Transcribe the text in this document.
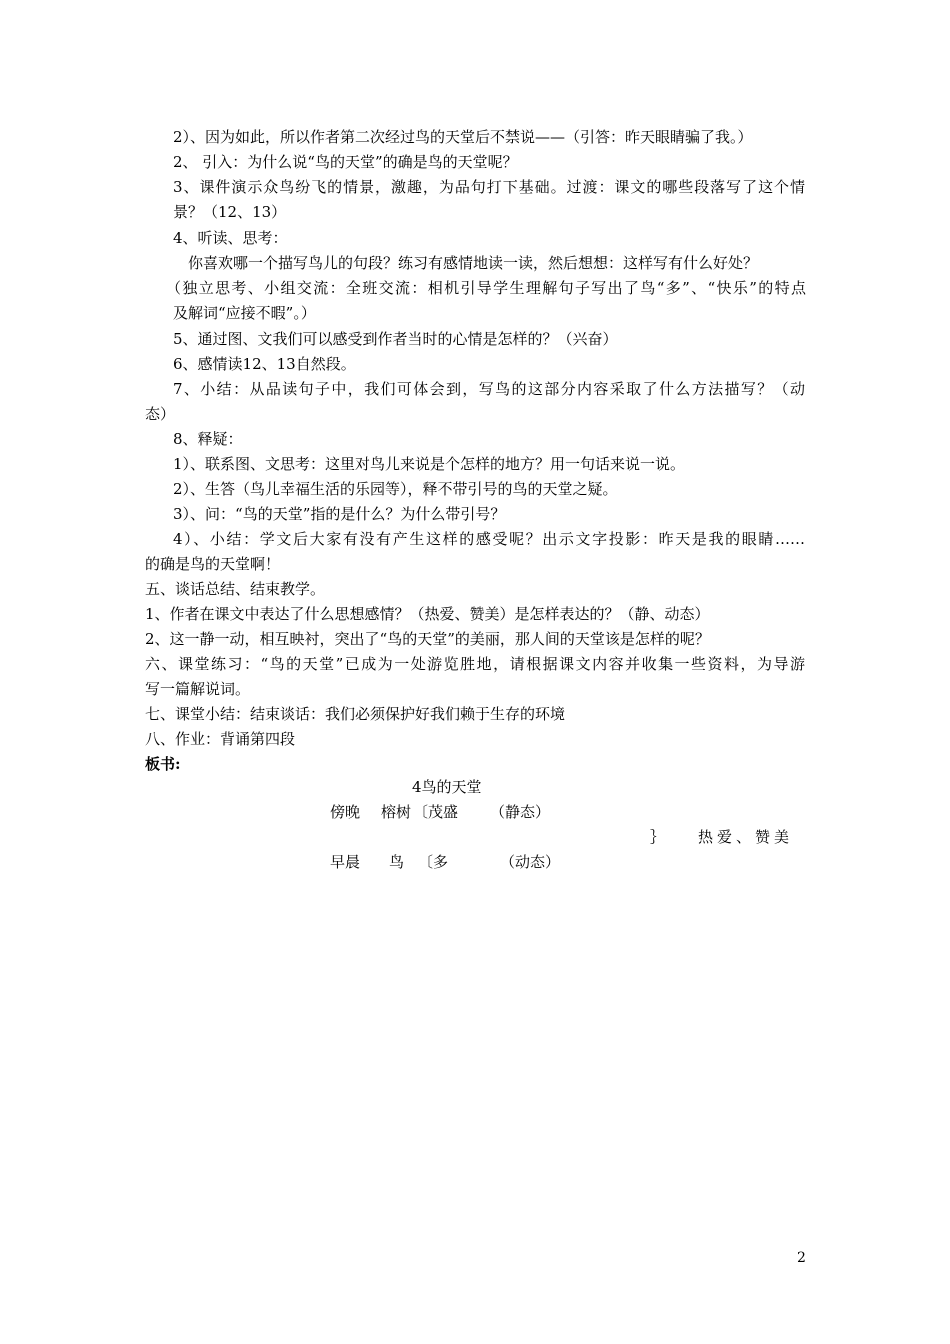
2）、因为如此，所以作者第二次经过鸟的天堂后不禁说——（引答：昨天眼睛骗了我。）
2、 引入：为什么说“鸟的天堂”的确是鸟的天堂呢？
3、课件演示众鸟纷飞的情景，激趣，为品句打下基础。过渡：课文的哪些段落写了这个情
景？（12、13）
4、听读、思考：
你喜欢哪一个描写鸟儿的句段？练习有感情地读一读，然后想想：这样写有什么好处？
（独立思考、小组交流：全班交流：相机引导学生理解句子写出了鸟“多”、“快乐”的特点
及解词“应接不暇”。）
5、通过图、文我们可以感受到作者当时的心情是怎样的？（兴奋）
6、感情读12、13自然段。
7、小结：从品读句子中，我们可体会到，写鸟的这部分内容采取了什么方法描写？（动
态）
8、释疑：
1）、联系图、文思考：这里对鸟儿来说是个怎样的地方？用一句话来说一说。
2）、生答（鸟儿幸福生活的乐园等），释不带引号的鸟的天堂之疑。
3）、问：“鸟的天堂”指的是什么？为什么带引号？
4）、小结：学文后大家有没有产生这样的感受呢？出示文字投影：昨天是我的眼睛……
的确是鸟的天堂啊！
五、谈话总结、结束教学。
1、作者在课文中表达了什么思想感情？（热爱、赞美）是怎样表达的？（静、动态）
2、这一静一动，相互映衬，突出了“鸟的天堂”的美丽，那人间的天堂该是怎样的呢？
六、课堂练习：“鸟的天堂”已成为一处游览胜地，请根据课文内容并收集一些资料，为导游
写一篇解说词。
七、课堂小结：结束谈话：我们必须保护好我们赖于生存的环境
八、作业：背诵第四段
板书:
4鸟的天堂
傍晚 榕树 〔茂盛 （静态）
｝ 热爱、赞美
早晨 鸟 〔多	（动态）
2
